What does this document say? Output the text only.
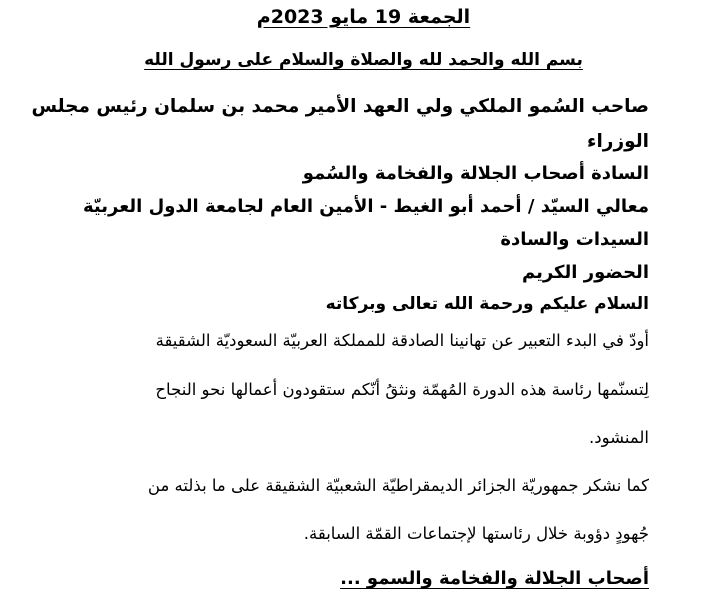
الجمعة 19 مايو 2023م
بسم الله والحمد لله والصلاة والسلام على رسول الله
صاحب السُمو الملكي ولي العهد الأمير محمد بن سلمان رئيس مجلس
الوزراء
السادة أصحاب الجلالة والفخامة والسُمو
معالي السيّد / أحمد أبو الغيط - الأمين العام لجامعة الدول العربيّة
السيدات والسادة
الحضور الكريم
السلام عليكم ورحمة الله تعالى وبركاته
أودّ في البدء التعبير عن تهانينا الصادقة للمملكة العربيّة السعوديّة الشقيقة
لِتسنّمها رئاسة هذه الدورة المُهمّة ونثقُ أنّكم ستقودون أعمالها نحو النجاح
المنشود.
كما نشكر جمهوريّة الجزائر الديمقراطيّة الشعبيّة الشقيقة على ما بذلته من
جُهودٍ دؤوبة خلال رئاستها لإجتماعات القمّة السابقة.
أصحاب الجلالة والفخامة والسمو ...
